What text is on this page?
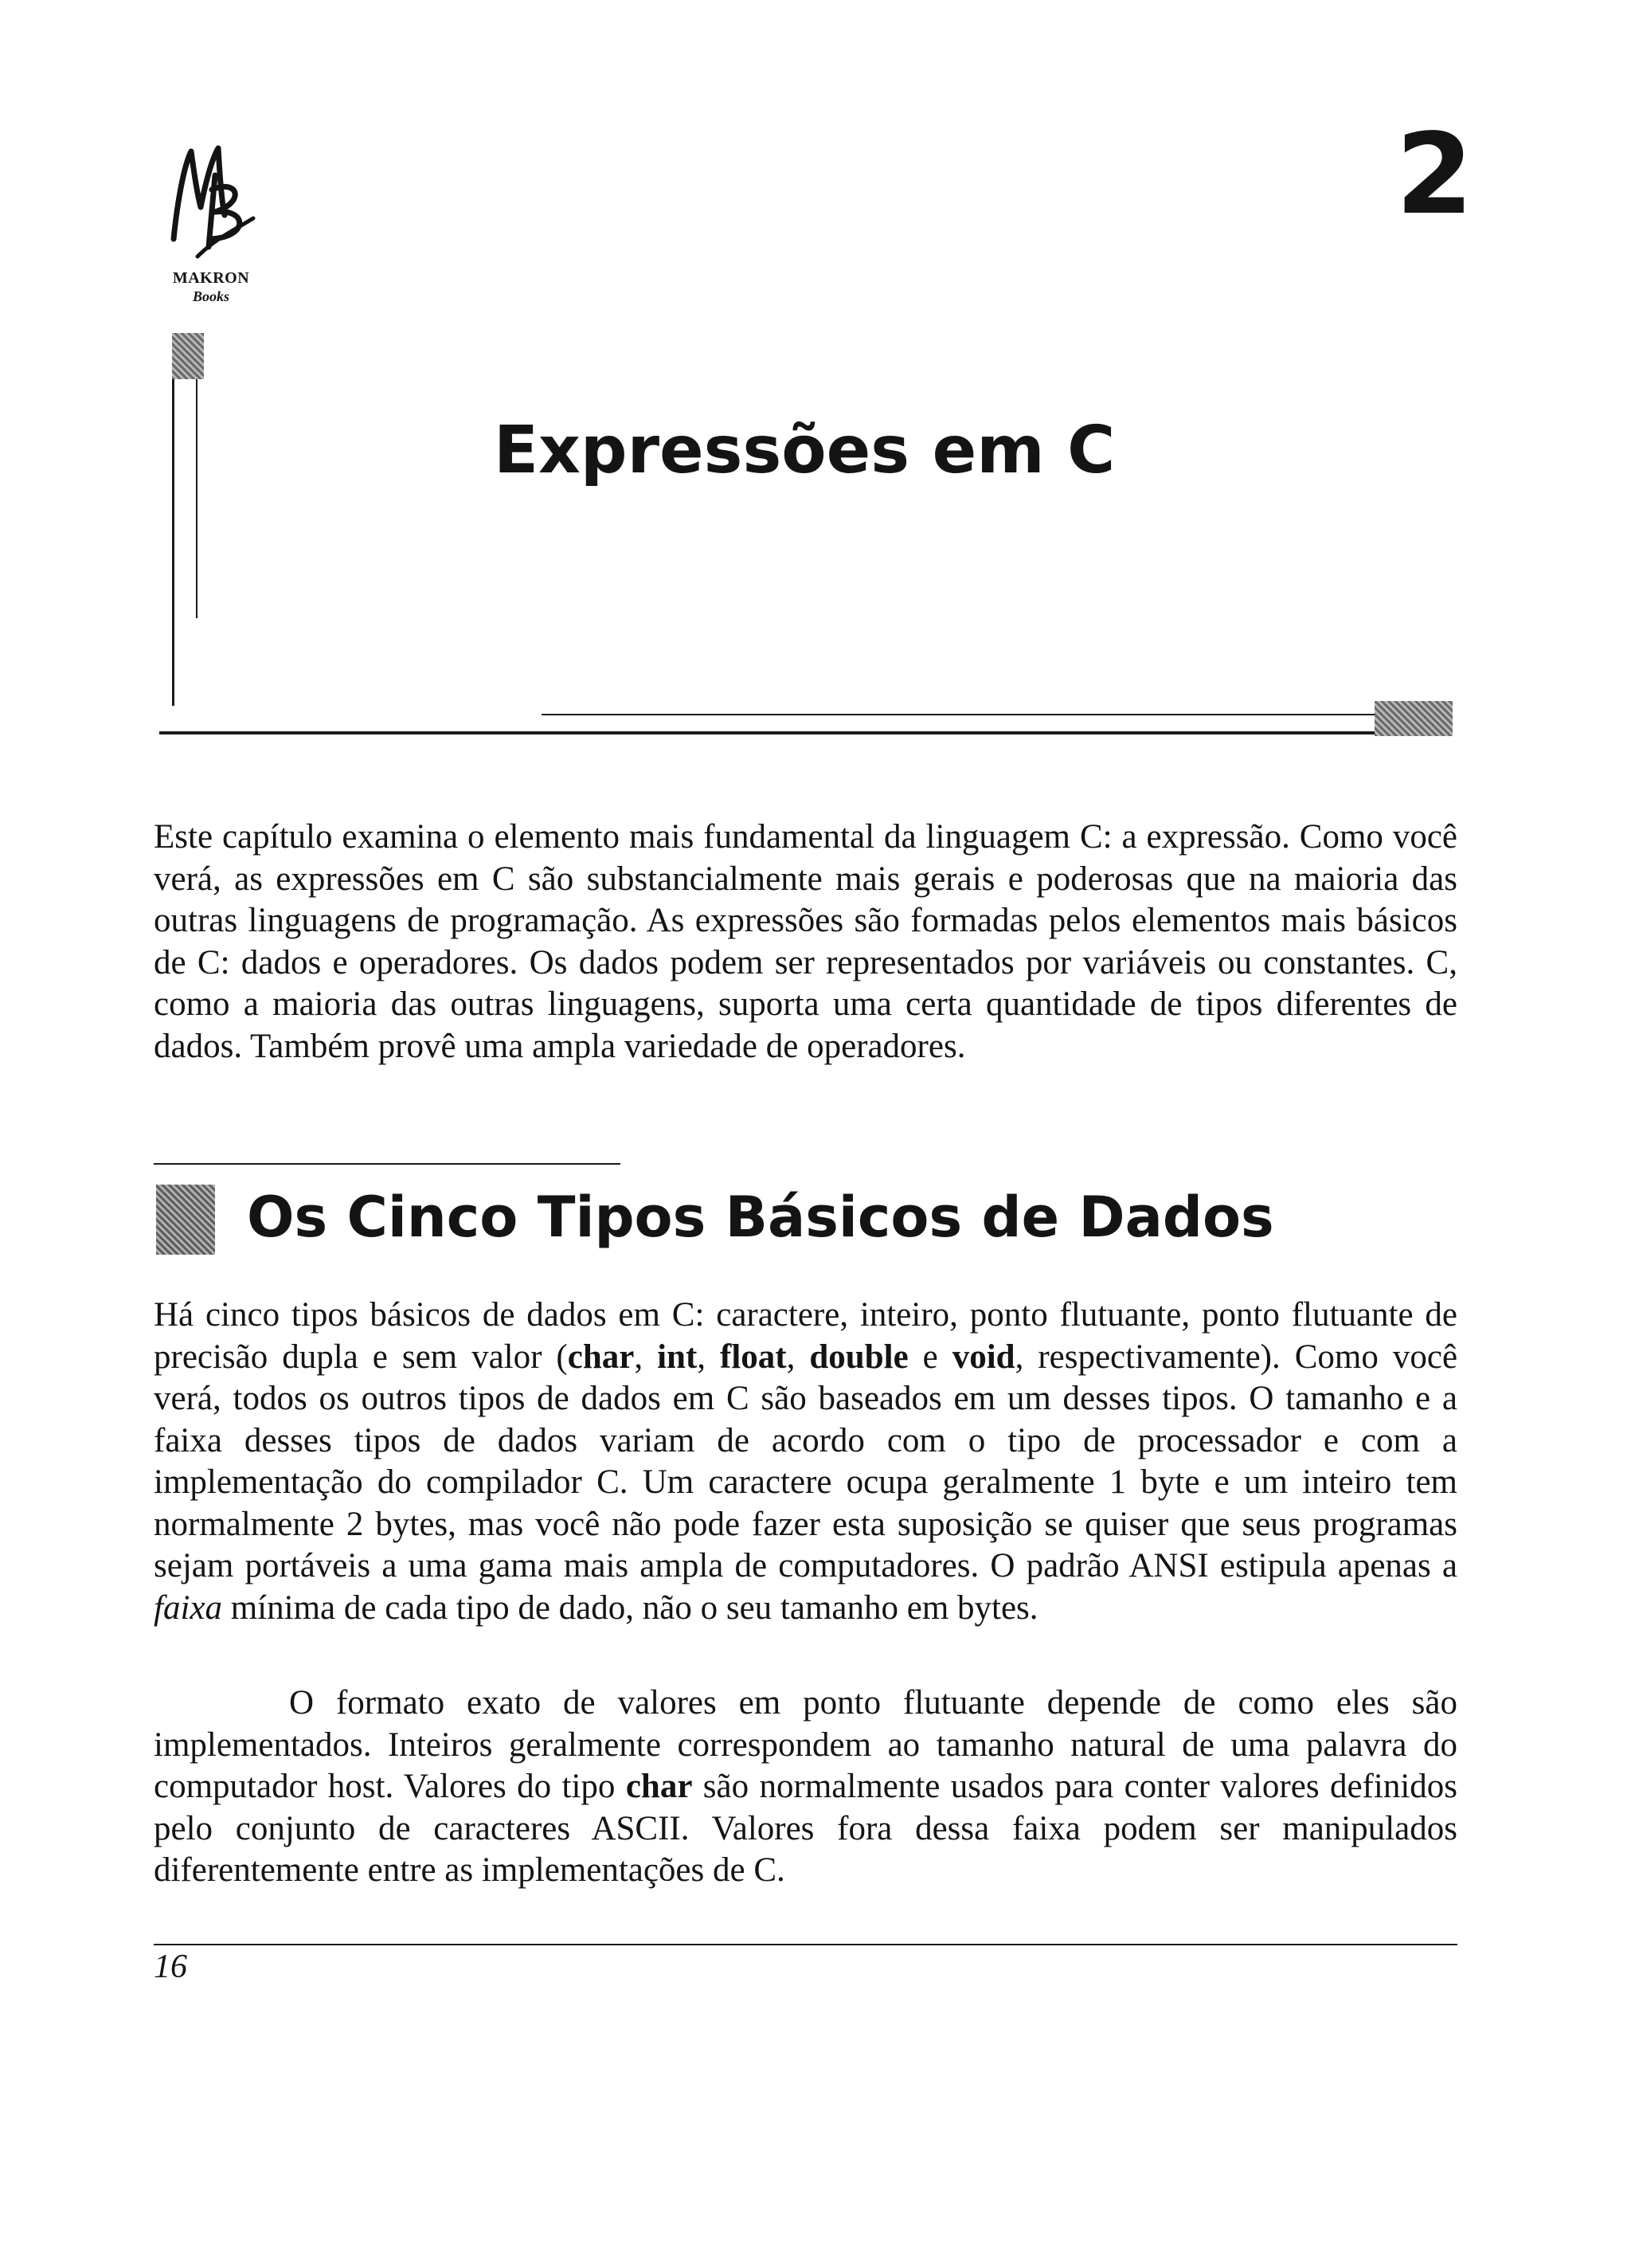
MAKRON
Books
2
Expressões em C

Este capítulo examina o elemento mais fundamental da linguagem C: a expressão. Como você verá, as expressões em C são substancialmente mais gerais e poderosas que na maioria das outras linguagens de programação. As expressões são formadas pelos elementos mais básicos de C: dados e operadores. Os dados podem ser representados por variáveis ou constantes. C, como a maioria das outras linguagens, suporta uma certa quantidade de tipos diferentes de dados. Também provê uma ampla variedade de operadores.

Os Cinco Tipos Básicos de Dados

Há cinco tipos básicos de dados em C: caractere, inteiro, ponto flutuante, ponto flutuante de precisão dupla e sem valor (char, int, float, double e void, respectivamente). Como você verá, todos os outros tipos de dados em C são baseados em um desses tipos. O tamanho e a faixa desses tipos de dados variam de acordo com o tipo de processador e com a implementação do compilador C. Um caractere ocupa geralmente 1 byte e um inteiro tem normalmente 2 bytes, mas você não pode fazer esta suposição se quiser que seus programas sejam portáveis a uma gama mais ampla de computadores. O padrão ANSI estipula apenas a faixa mínima de cada tipo de dado, não o seu tamanho em bytes.

O formato exato de valores em ponto flutuante depende de como eles são implementados. Inteiros geralmente correspondem ao tamanho natural de uma palavra do computador host. Valores do tipo char são normalmente usados para conter valores definidos pelo conjunto de caracteres ASCII. Valores fora dessa faixa podem ser manipulados diferentemente entre as implementações de C.

16
